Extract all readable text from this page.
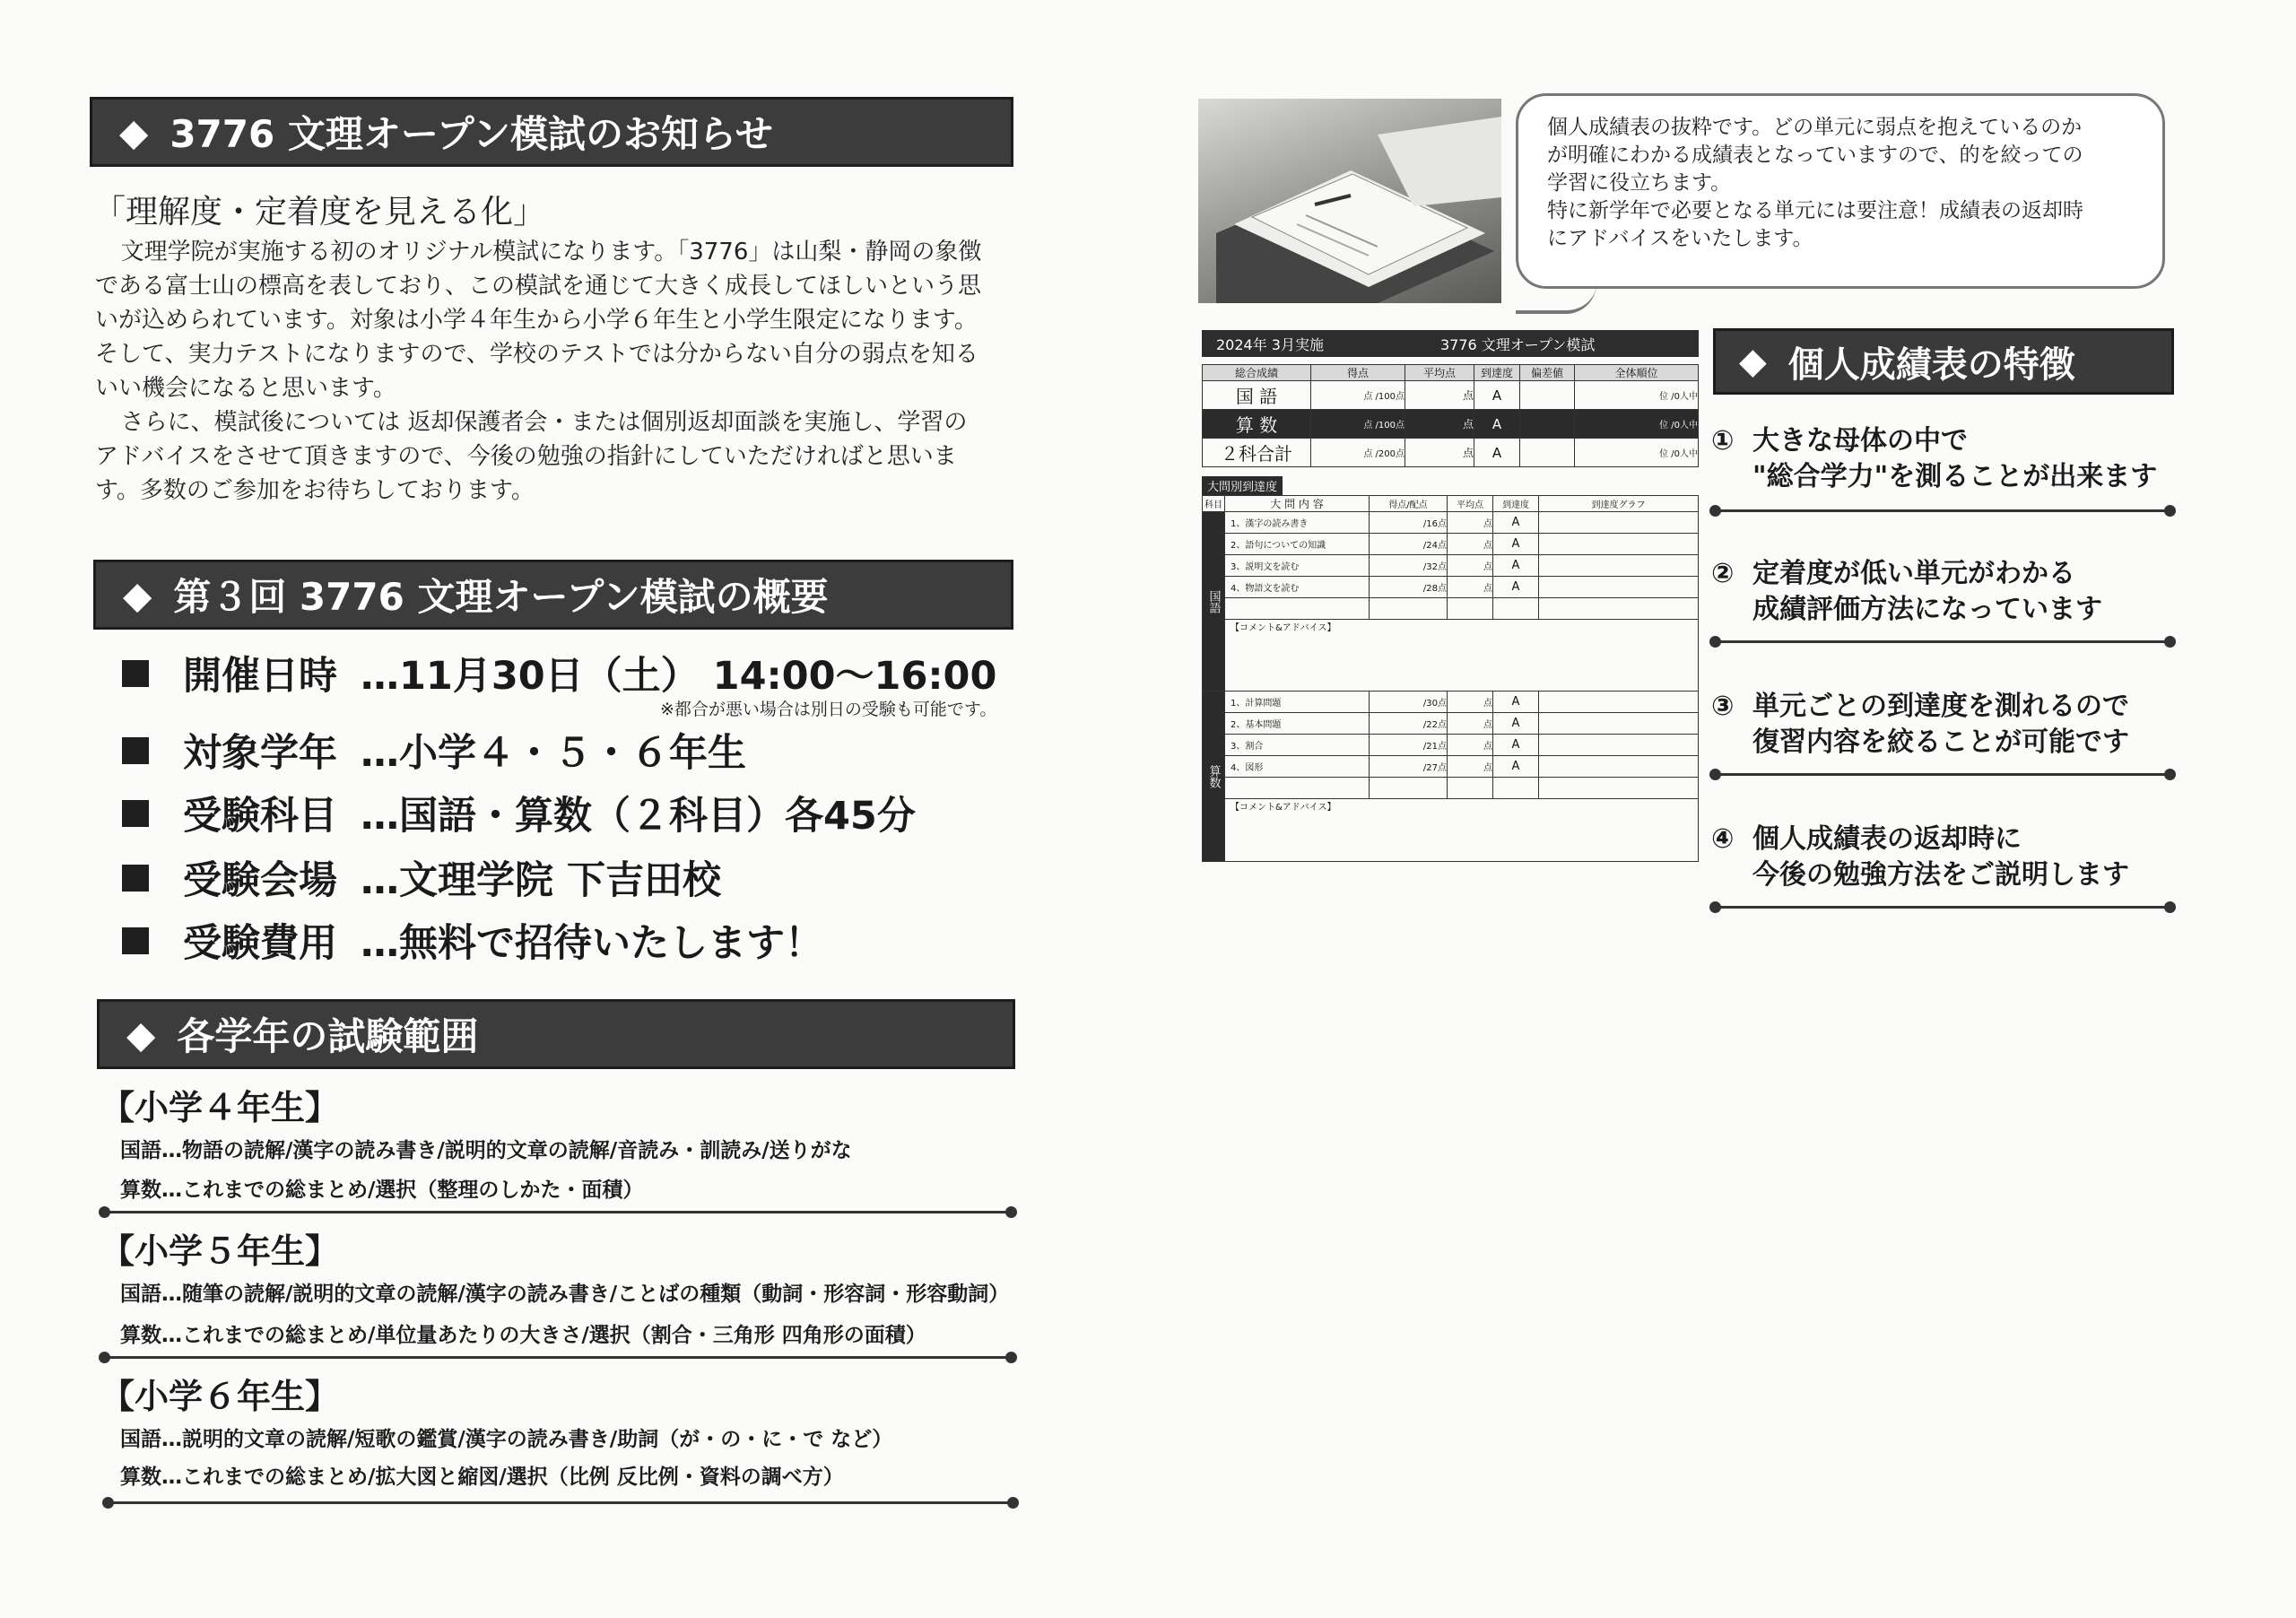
◆ 3776 文理オープン模試のお知らせ
「理解度・定着度を見える化」

文理学院が実施する初のオリジナル模試になります。「3776」は山梨・静岡の象徴である富士山の標高を表しており、この模試を通じて大きく成長してほしいという思いが込められています。対象は小学４年生から小学６年生と小学生限定になります。そして、実力テストになりますので、学校のテストでは分からない自分の弱点を知るいい機会になると思います。

さらに、模試後については 返却保護者会・または個別返却面談を実施し、学習のアドバイスをさせて頂きますので、今後の勉強の指針にしていただければと思います。多数のご参加をお待ちしております。

◆ 第３回 3776 文理オープン模試の概要
開催日時 …11月30日（土） 14:00〜16:00
※都合が悪い場合は別日の受験も可能です。
対象学年 …小学４・５・６年生
受験科目 …国語・算数（２科目）各45分
受験会場 …文理学院 下吉田校
受験費用 …無料で招待いたします！
◆ 各学年の試験範囲
【小学４年生】
国語…物語の読解/漢字の読み書き/説明的文章の読解/音読み・訓読み/送りがな
算数…これまでの総まとめ/選択（整理のしかた・面積）
【小学５年生】
国語…随筆の読解/説明的文章の読解/漢字の読み書き/ことばの種類（動詞・形容詞・形容動詞）
算数…これまでの総まとめ/単位量あたりの大きさ/選択（割合・三角形 四角形の面積）
【小学６年生】
国語…説明的文章の読解/短歌の鑑賞/漢字の読み書き/助詞（が・の・に・で など）
算数…これまでの総まとめ/拡大図と縮図/選択（比例 反比例・資料の調べ方）
個人成績表の抜粋です。どの単元に弱点を抱えているのか
が明確にわかる成績表となっていますので、的を絞っての
学習に役立ちます。
特に新学年で必要となる単元には要注意！成績表の返却時
にアドバイスをいたします。
2024年 3月実施	3776 文理オープン模試
総合成績	得点	平均点	到達度	偏差値	全体順位
国 語	点 /100点	点	A		位 /0人中
算 数	点 /100点	点	A		位 /0人中
２科合計	点 /200点	点	A		位 /0人中
大問別到達度
科目	大 問 内 容	得点/配点	平均点	到達度	到達度グラフ
国語	1、漢字の読み書き	/16点	点	A	
	2、語句についての知識	/24点	点	A	
	3、説明文を読む	/32点	点	A	
	4、物語文を読む	/28点	点	A	

	【コメント&アドバイス】				
算数	1、計算問題	/30点	点	A	
	2、基本問題	/22点	点	A	
	3、割合	/21点	点	A	
	4、図形	/27点	点	A	

	【コメント&アドバイス】				
◆ 個人成績表の特徴
① 大きな母体の中で
"総合学力"を測ることが出来ます
② 定着度が低い単元がわかる
成績評価方法になっています
③ 単元ごとの到達度を測れるので
復習内容を絞ることが可能です
④ 個人成績表の返却時に
今後の勉強方法をご説明します
